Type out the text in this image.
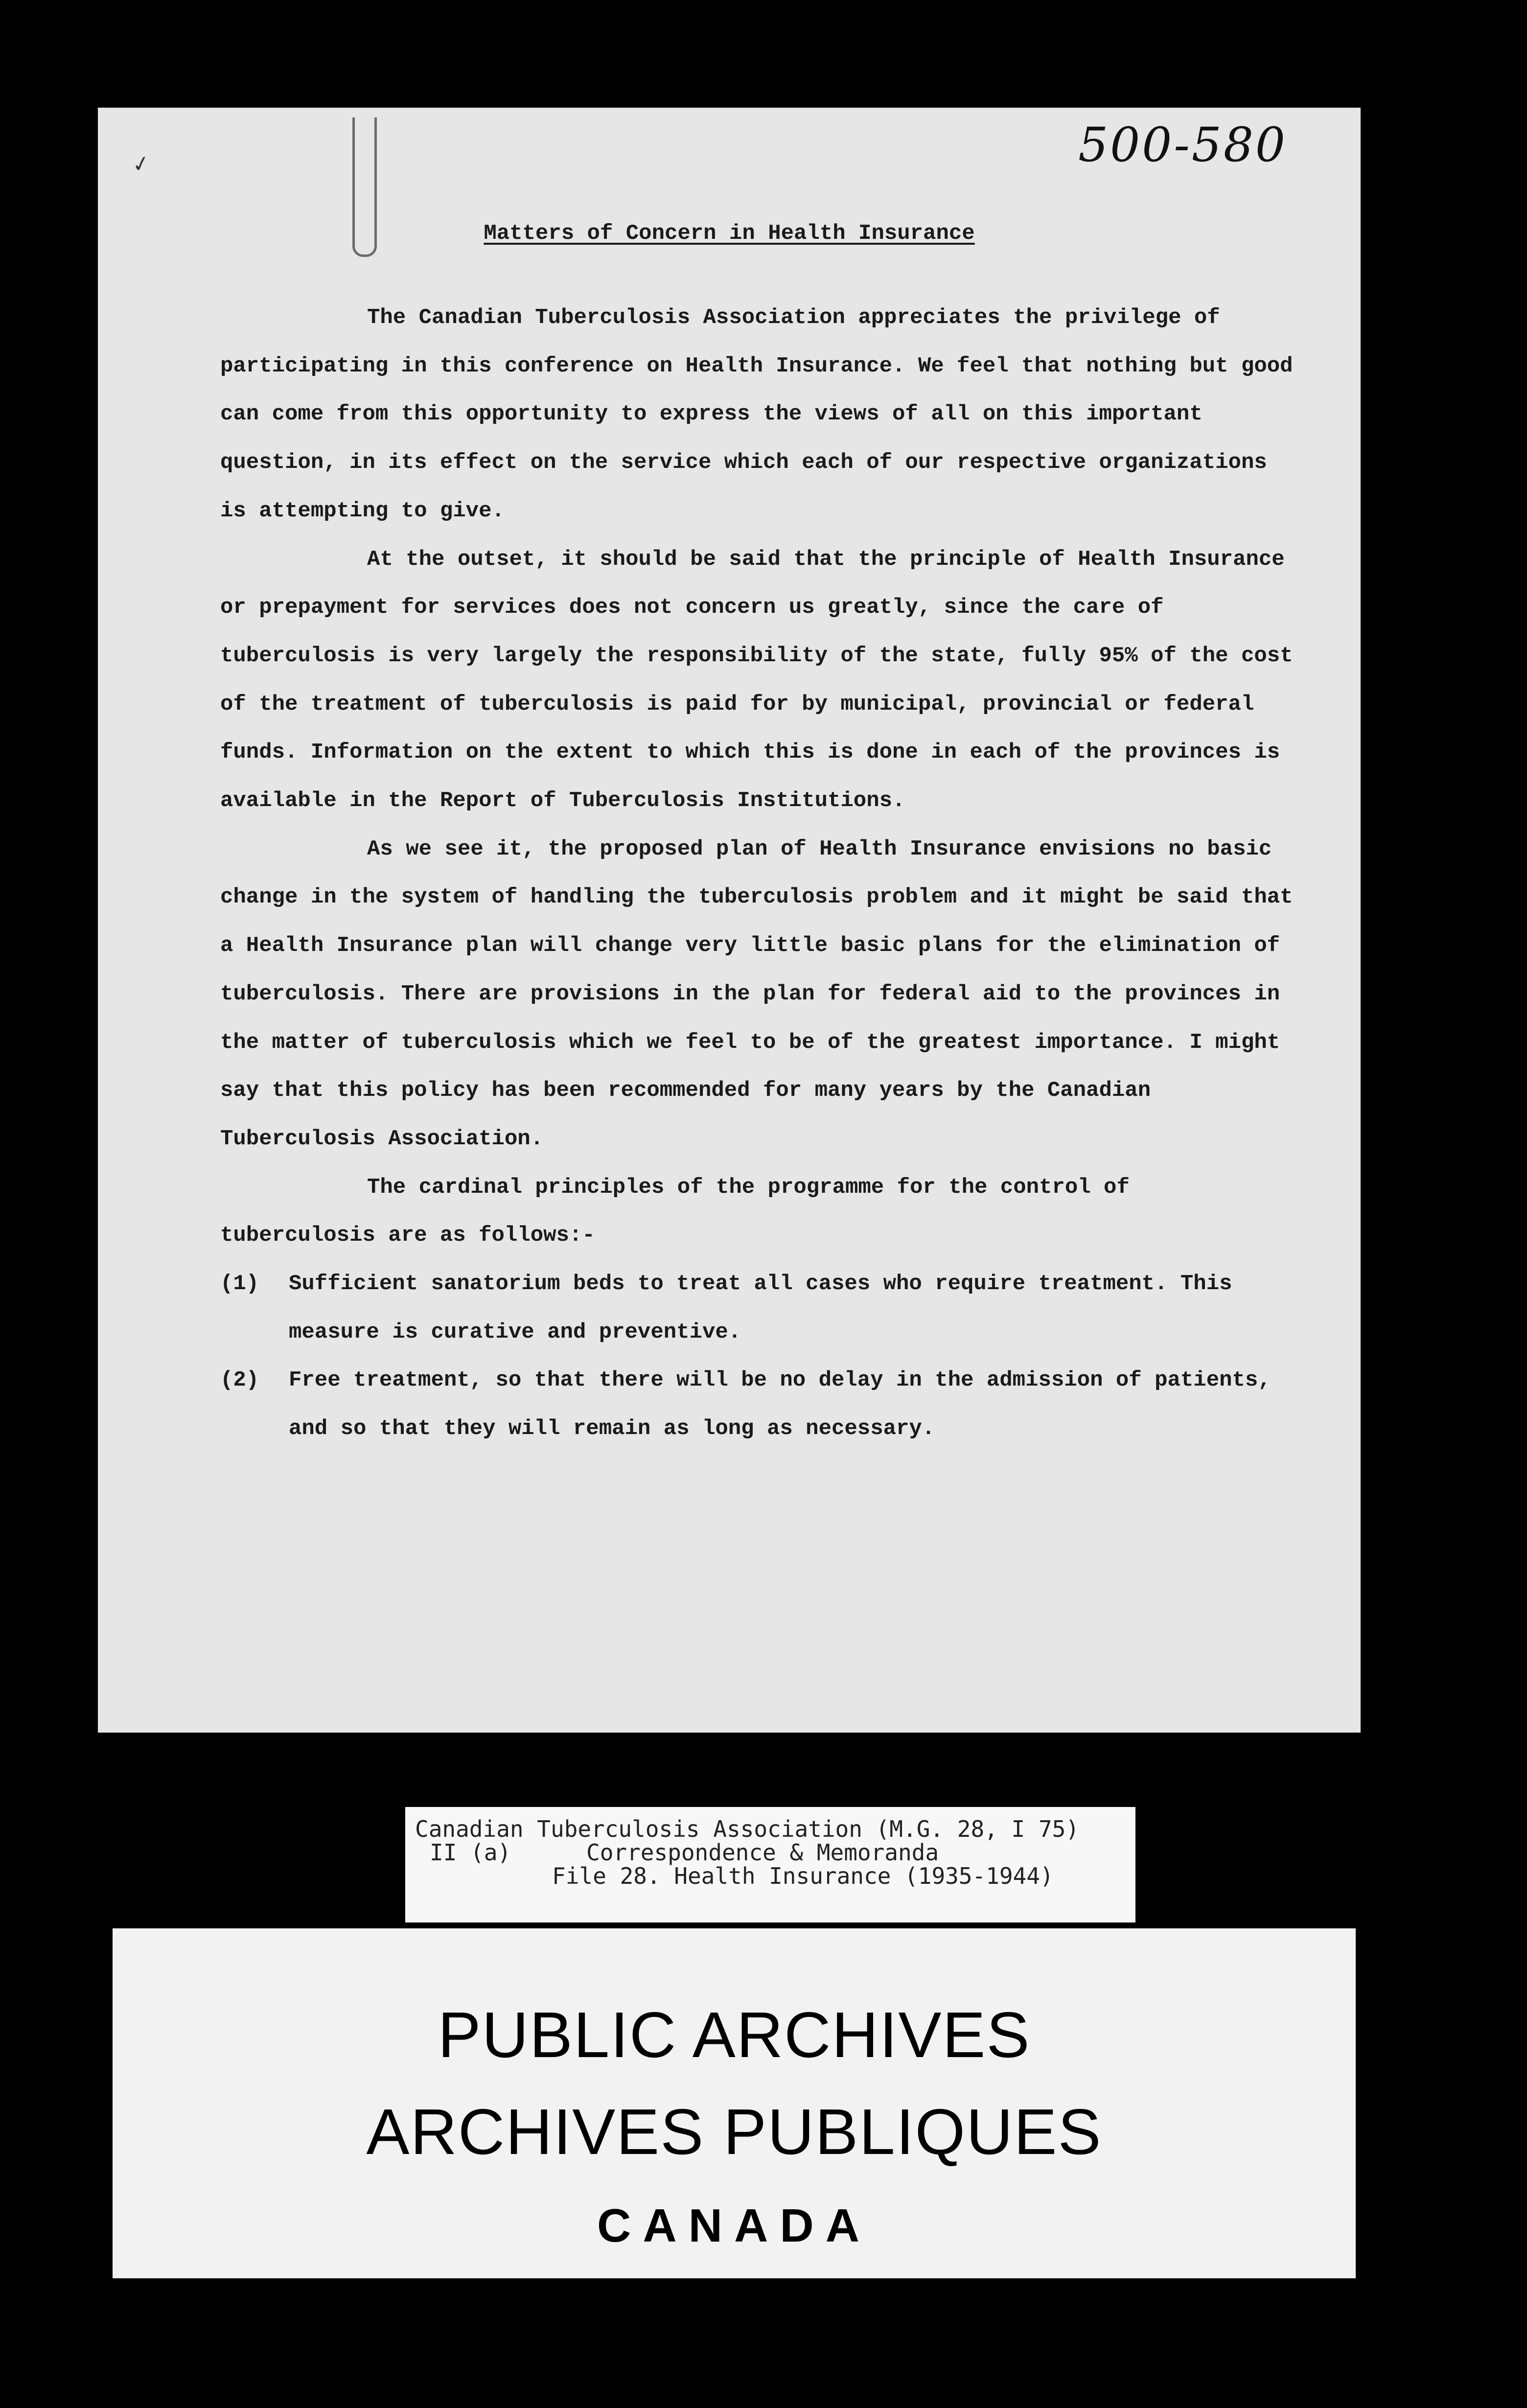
✓	500-580
Matters of Concern in Health Insurance

The Canadian Tuberculosis Association appreciates the privilege of participating in this conference on Health Insurance. We feel that nothing but good can come from this opportunity to express the views of all on this important question, in its effect on the service which each of our respective organizations is attempting to give.

At the outset, it should be said that the principle of Health Insurance or prepayment for services does not concern us greatly, since the care of tuberculosis is very largely the responsibility of the state, fully 95% of the cost of the treatment of tuberculosis is paid for by municipal, provincial or federal funds. Information on the extent to which this is done in each of the provinces is available in the Report of Tuberculosis Institutions.

As we see it, the proposed plan of Health Insurance envisions no basic change in the system of handling the tuberculosis problem and it might be said that a Health Insurance plan will change very little basic plans for the elimination of tuberculosis. There are provisions in the plan for federal aid to the provinces in the matter of tuberculosis which we feel to be of the greatest importance. I might say that this policy has been recommended for many years by the Canadian Tuberculosis Association.

The cardinal principles of the programme for the control of tuberculosis are as follows:-

(1) Sufficient sanatorium beds to treat all cases who require treatment. This measure is curative and preventive.

(2) Free treatment, so that there will be no delay in the admission of patients, and so that they will remain as long as necessary.

Canadian Tuberculosis Association (M.G. 28, I 75)
II (a)	Correspondence & Memoranda
File 28. Health Insurance (1935-1944)
PUBLIC ARCHIVES
ARCHIVES PUBLIQUES
CANADA
